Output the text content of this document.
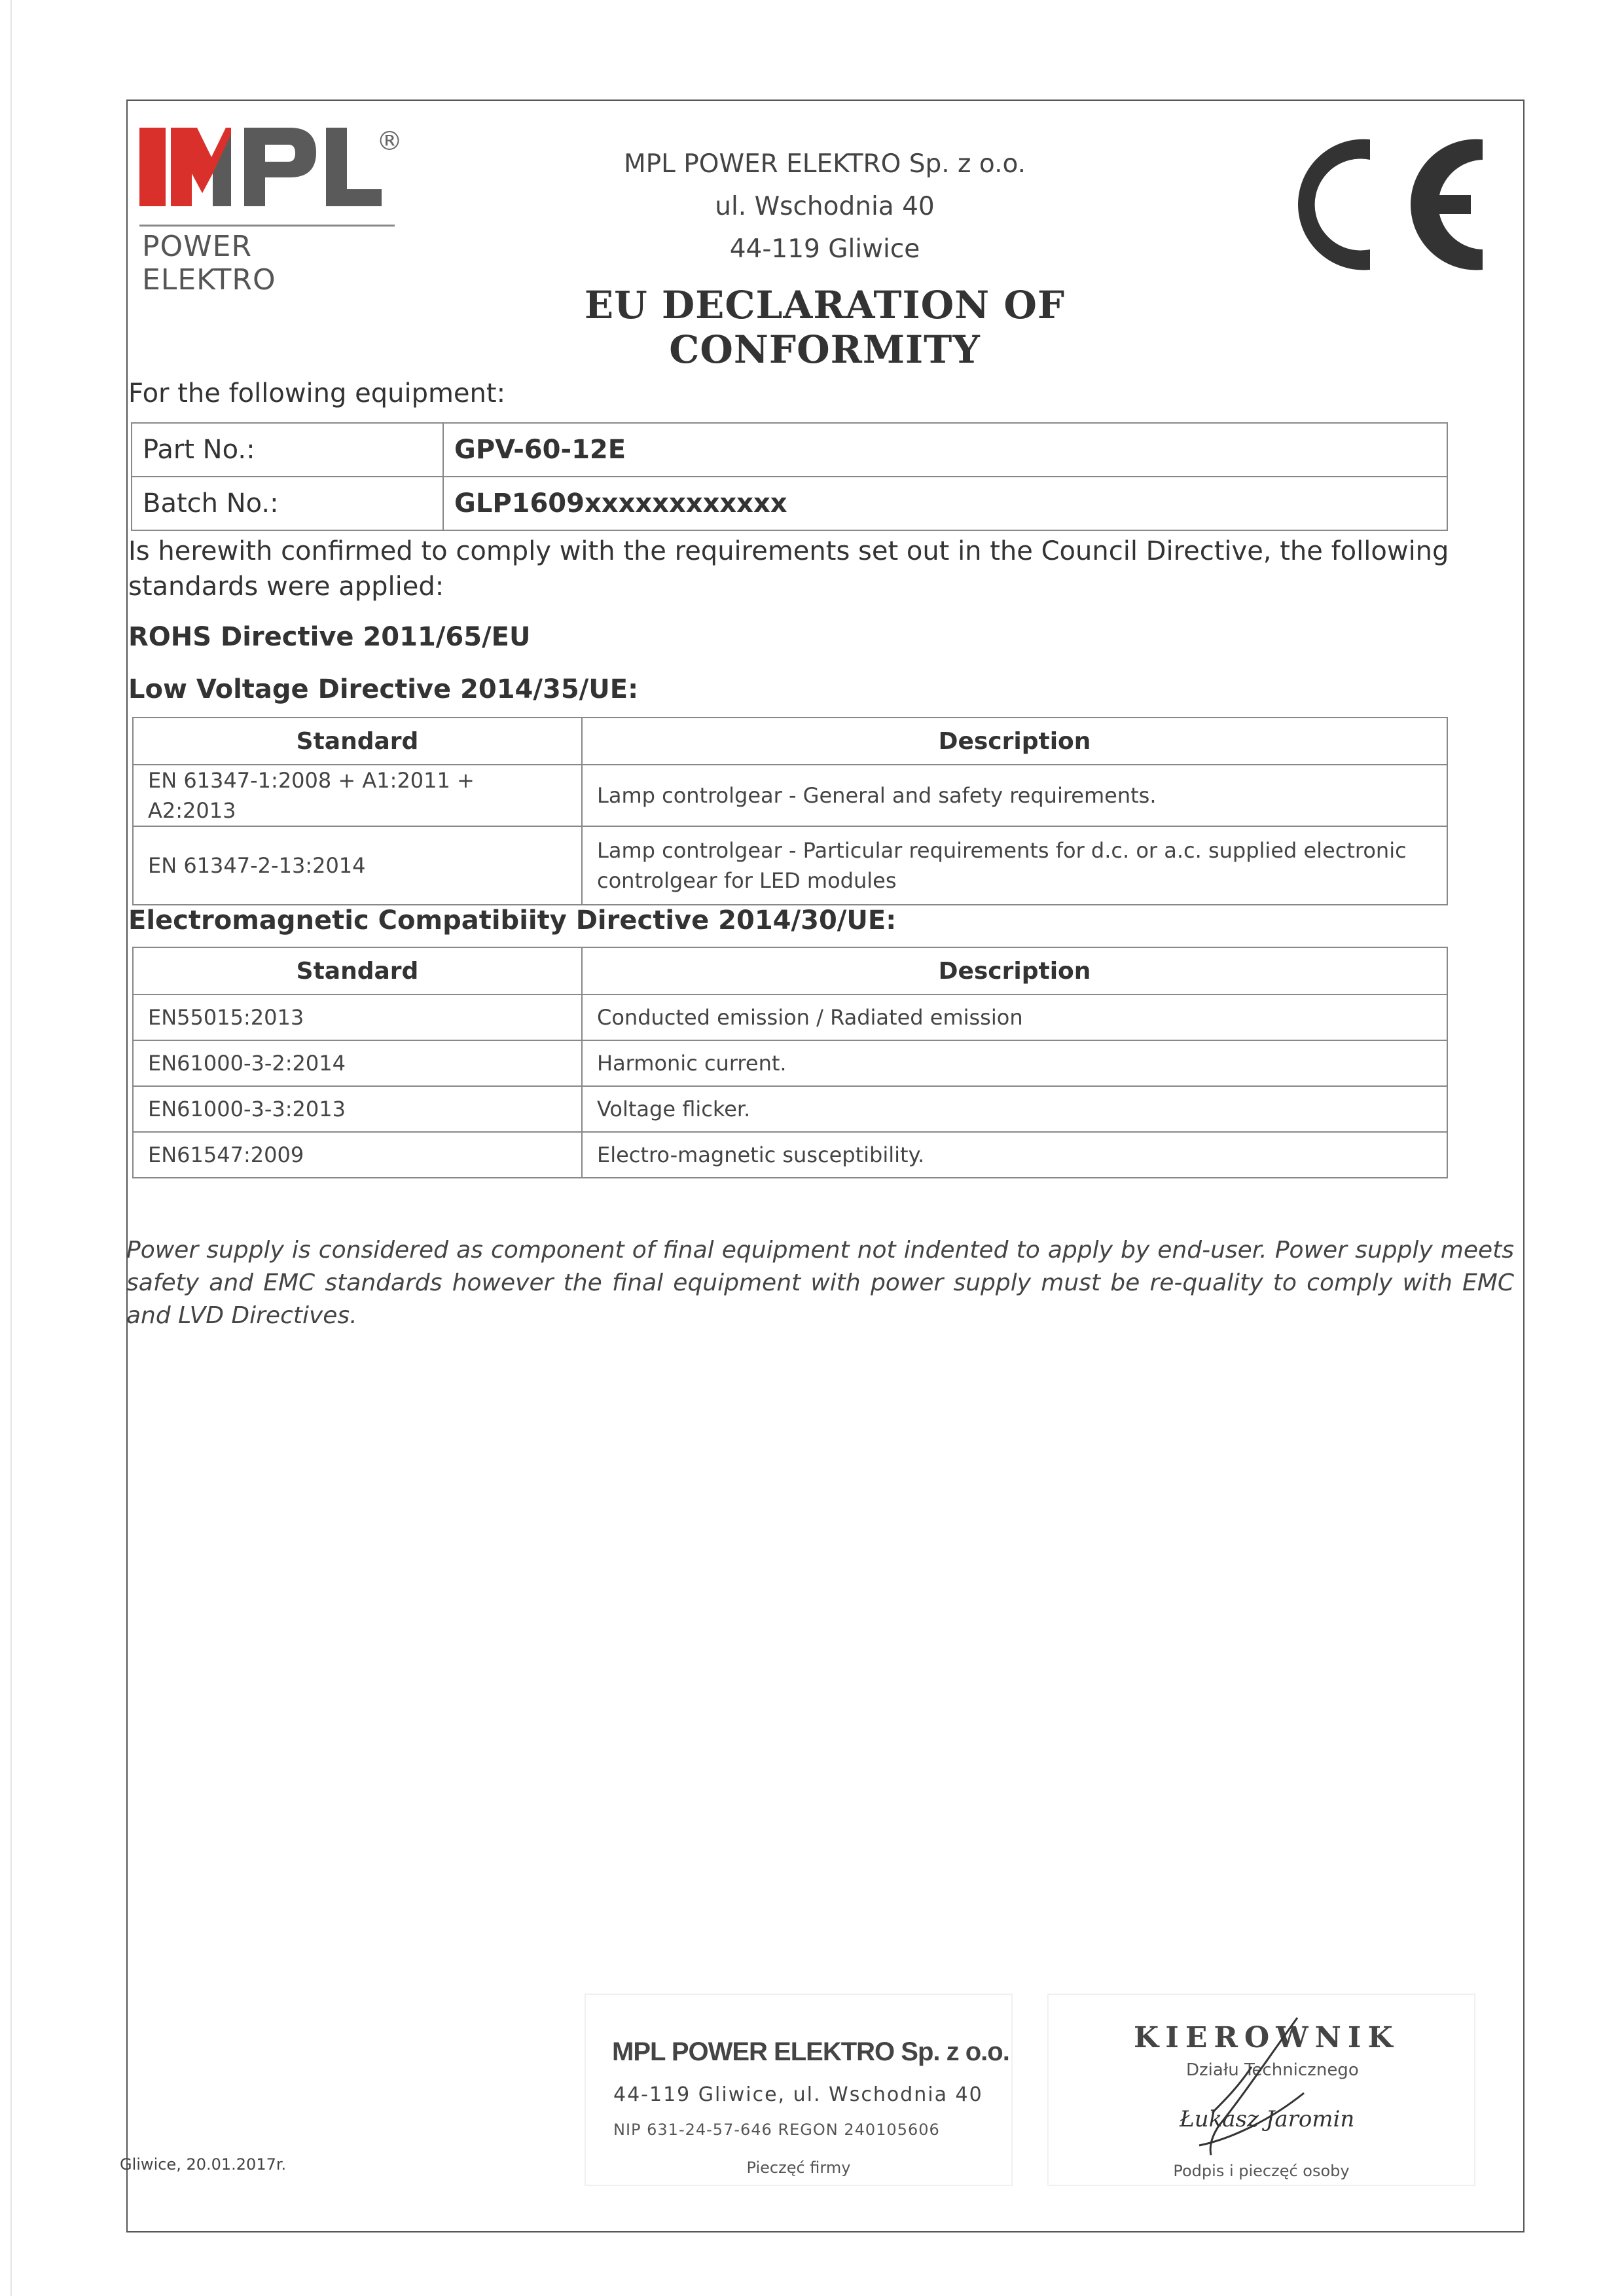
®
POWER ELEKTRO
MPL POWER ELEKTRO Sp. z o.o.
ul. Wschodnia 40
44-119 Gliwice
EU DECLARATION OF CONFORMITY
For the following equipment:
Part No.:	GPV-60-12E
Batch No.:	GLP1609xxxxxxxxxxxx
Is herewith confirmed to comply with the requirements set out in the Council Directive, the following standards were applied:
ROHS Directive 2011/65/EU
Low Voltage Directive 2014/35/UE:
Standard	Description
EN 61347-1:2008 + A1:2011 + A2:2013	Lamp controlgear - General and safety requirements.
EN 61347-2-13:2014	Lamp controlgear - Particular requirements for d.c. or a.c. supplied electronic controlgear for LED modules
Electromagnetic Compatibiity Directive 2014/30/UE:
Standard	Description
EN55015:2013	Conducted emission / Radiated emission
EN61000-3-2:2014	Harmonic current.
EN61000-3-3:2013	Voltage flicker.
EN61547:2009	Electro-magnetic susceptibility.
Power supply is considered as component of final equipment not indented to apply by end-user. Power supply meets safety and EMC standards however the final equipment with power supply must be re-quality to comply with EMC and LVD Directives.
Gliwice, 20.01.2017r.
MPL POWER ELEKTRO Sp. z o.o.
44-119 Gliwice, ul. Wschodnia 40
NIP 631-24-57-646 REGON 240105606
Pieczęć firmy
KIEROWNIK
Działu Technicznego
Łukasz Jaromin
Podpis i pieczęć osoby
